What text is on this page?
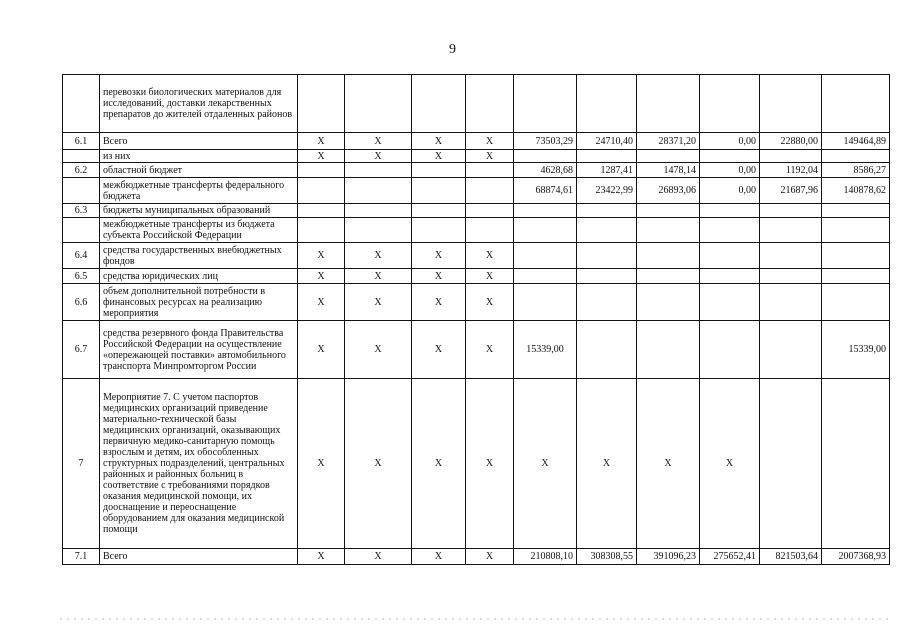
9
	перевозки биологических материалов для исследований, доставки лекарственных препаратов до жителей отдаленных районов										
6.1	Всего	X	X	X	X	73503,29	24710,40	28371,20	0,00	22880,00	149464,89
	из них	X	X	X	X						
6.2	областной бюджет					4628,68	1287,41	1478,14	0,00	1192,04	8586,27
	межбюджетные трансферты федерального бюджета					68874,61	23422,99	26893,06	0,00	21687,96	140878,62
6.3	бюджеты муниципальных образований										
	межбюджетные трансферты из бюджета субъекта Российской Федерации										
6.4	средства государственных внебюджетных фондов	X	X	X	X						
6.5	средства юридических лиц	X	X	X	X						
6.6	объем дополнительной потребности в финансовых ресурсах на реализацию мероприятия	X	X	X	X						
6.7	средства резервного фонда Правительства Российской Федерации на осуществление «опережающей поставки» автомобильного транспорта Минпромторгом России	X	X	X	X	15339,00					15339,00
7	Мероприятие 7. С учетом паспортов медицинских организаций приведение материально-технической базы медицинских организаций, оказывающих первичную медико-санитарную помощь взрослым и детям, их обособленных структурных подразделений, центральных районных и районных больниц в соответствие с требованиями порядков оказания медицинской помощи, их дооснащение и переоснащение оборудованием для оказания медицинской помощи	X	X	X	X	X	X	X	X		
7.1	Всего	X	X	X	X	210808,10	308308,55	391096,23	275652,41	821503,64	2007368,93
